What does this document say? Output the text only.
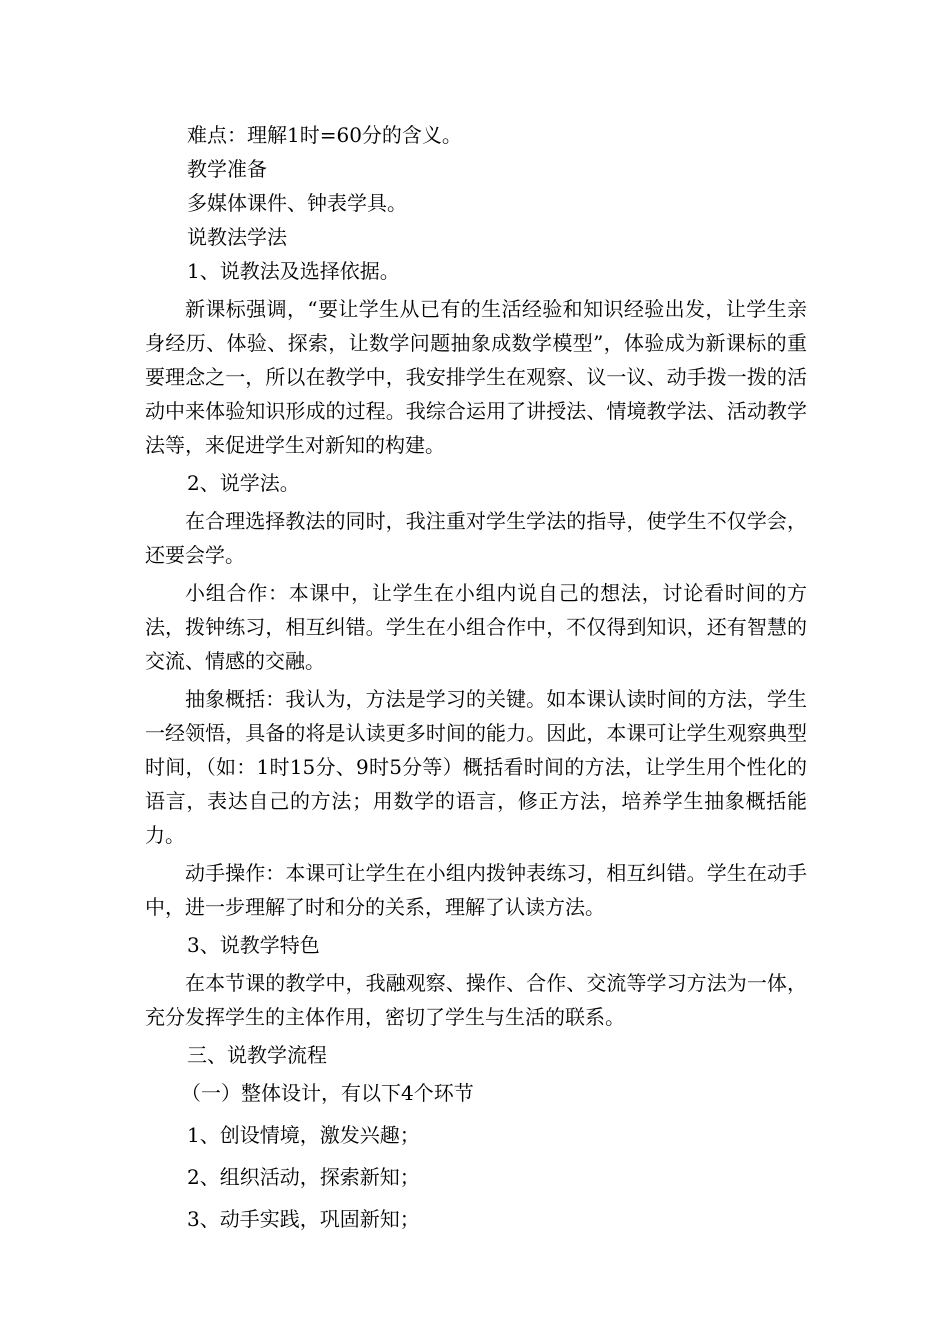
难点：理解1时=60分的含义。

教学准备

多媒体课件、钟表学具。

说教法学法

1、说教法及选择依据。

新课标强调，“要让学生从已有的生活经验和知识经验出发，让学生亲身经历、体验、探索，让数学问题抽象成数学模型”，体验成为新课标的重要理念之一，所以在教学中，我安排学生在观察、议一议、动手拨一拨的活动中来体验知识形成的过程。我综合运用了讲授法、情境教学法、活动教学法等，来促进学生对新知的构建。

2、说学法。

在合理选择教法的同时，我注重对学生学法的指导，使学生不仅学会，还要会学。

小组合作：本课中，让学生在小组内说自己的想法，讨论看时间的方法，拨钟练习，相互纠错。学生在小组合作中，不仅得到知识，还有智慧的交流、情感的交融。

抽象概括：我认为，方法是学习的关键。如本课认读时间的方法，学生一经领悟，具备的将是认读更多时间的能力。因此，本课可让学生观察典型时间，（如：1时15分、9时5分等）概括看时间的方法，让学生用个性化的语言，表达自己的方法；用数学的语言，修正方法，培养学生抽象概括能力。

动手操作：本课可让学生在小组内拨钟表练习，相互纠错。学生在动手中，进一步理解了时和分的关系，理解了认读方法。

3、说教学特色

在本节课的教学中，我融观察、操作、合作、交流等学习方法为一体，充分发挥学生的主体作用，密切了学生与生活的联系。

三、说教学流程

（一）整体设计，有以下4个环节

1、创设情境，激发兴趣；

2、组织活动，探索新知；

3、动手实践，巩固新知；
